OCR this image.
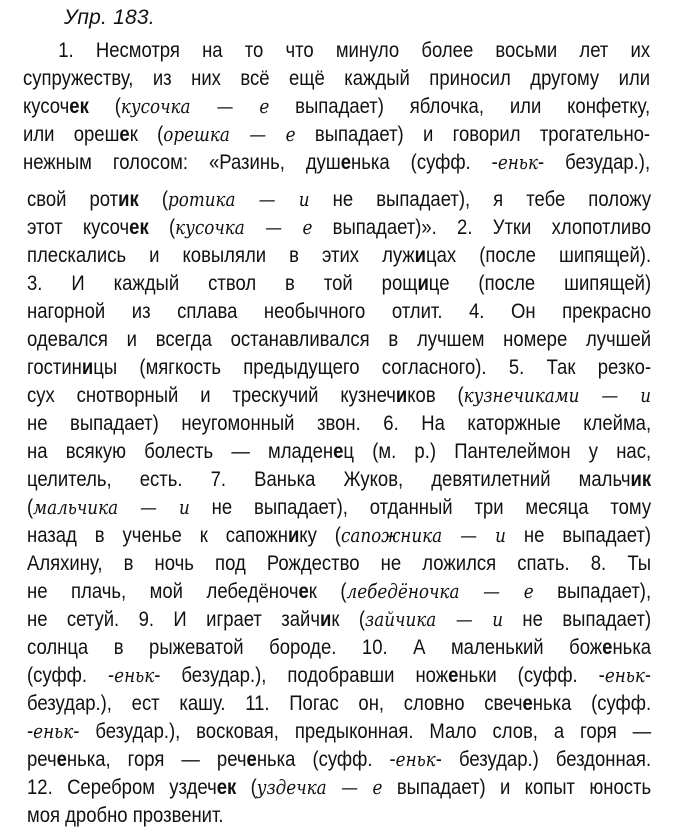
Упр. 183.
1. Несмотря на то что минуло более восьми лет их
супружеству, из них всё ещё каждый приносил другому или
кусочек (кусочка — е выпадает) яблочка, или конфетку,
или орешек (орешка — е выпадает) и говорил трогательно-
нежным голосом: «Разинь, душенька (суфф. -еньк- безудар.),
свой ротик (ротика — и не выпадает), я тебе положу
этот кусочек (кусочка — е выпадает)». 2. Утки хлопотливо
плескались и ковыляли в этих лужицах (после шипящей).
3. И каждый ствол в той рощице (после шипящей)
нагорной из сплава необычного отлит. 4. Он прекрасно
одевался и всегда останавливался в лучшем номере лучшей
гостиницы (мягкость предыдущего согласного). 5. Так резко-
сух снотворный и трескучий кузнечиков (кузнечиками — и
не выпадает) неугомонный звон. 6. На каторжные клейма,
на всякую болесть — младенец (м. р.) Пантелеймон у нас,
целитель, есть. 7. Ванька Жуков, девятилетний мальчик
(мальчика — и не выпадает), отданный три месяца тому
назад в ученье к сапожнику (сапожника — и не выпадает)
Аляхину, в ночь под Рождество не ложился спать. 8. Ты
не плачь, мой лебедёночек (лебедёночка — е выпадает),
не сетуй. 9. И играет зайчик (зайчика — и не выпадает)
солнца в рыжеватой бороде. 10. А маленький боженька
(суфф. -еньк- безудар.), подобравши ноженьки (суфф. -еньк-
безудар.), ест кашу. 11. Погас он, словно свеченька (суфф.
-еньк- безудар.), восковая, предыконная. Мало слов, а горя —
реченька, горя — реченька (суфф. -еньк- безудар.) бездонная.
12. Серебром уздечек (уздечка — е выпадает) и копыт юность
моя дробно прозвенит.
